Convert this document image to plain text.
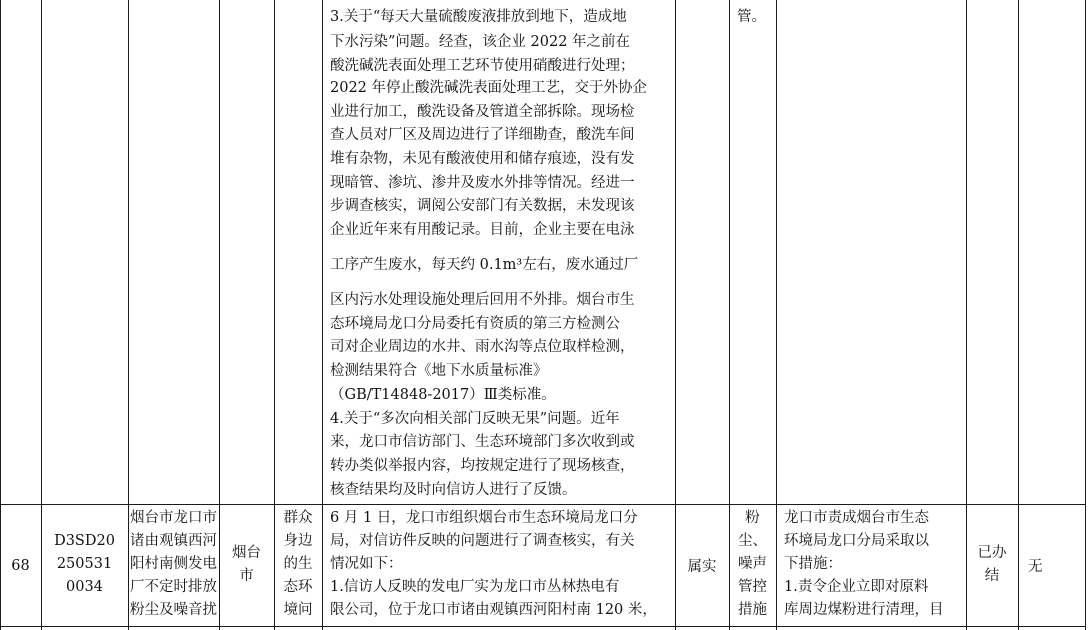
管。
3.关于“每天大量硫酸废液排放到地下，造成地
下水污染”问题。经查，该企业 2022 年之前在
酸洗碱洗表面处理工艺环节使用硝酸进行处理；
2022 年停止酸洗碱洗表面处理工艺，交于外协企
业进行加工，酸洗设备及管道全部拆除。现场检
查人员对厂区及周边进行了详细勘查，酸洗车间
堆有杂物，未见有酸液使用和储存痕迹，没有发
现暗管、渗坑、渗井及废水外排等情况。经进一
步调查核实，调阅公安部门有关数据，未发现该
企业近年来有用酸记录。目前，企业主要在电泳
工序产生废水，每天约 0.1m³左右，废水通过厂
区内污水处理设施处理后回用不外排。烟台市生
态环境局龙口分局委托有资质的第三方检测公
司对企业周边的水井、雨水沟等点位取样检测，
检测结果符合《地下水质量标准》
（GB/T14848-2017）Ⅲ类标准。
4.关于“多次向相关部门反映无果”问题。近年
来，龙口市信访部门、生态环境部门多次收到或
转办类似举报内容，均按规定进行了现场核查，
核查结果均及时向信访人进行了反馈。
68
D3SD20
250531
0034
烟台市龙口市
诸由观镇西河
阳村南侧发电
厂不定时排放
粉尘及噪音扰
烟台
市
群众
身边
的生
态环
境问
6 月 1 日，龙口市组织烟台市生态环境局龙口分
局，对信访件反映的问题进行了调查核实，有关
情况如下：
1.信访人反映的发电厂实为龙口市丛林热电有
限公司，位于龙口市诸由观镇西河阳村南 120 米，
属实
粉
尘、
噪声
管控
措施
龙口市责成烟台市生态
环境局龙口分局采取以
下措施：
1.责令企业立即对原料
库周边煤粉进行清理，目
已办
结
无
